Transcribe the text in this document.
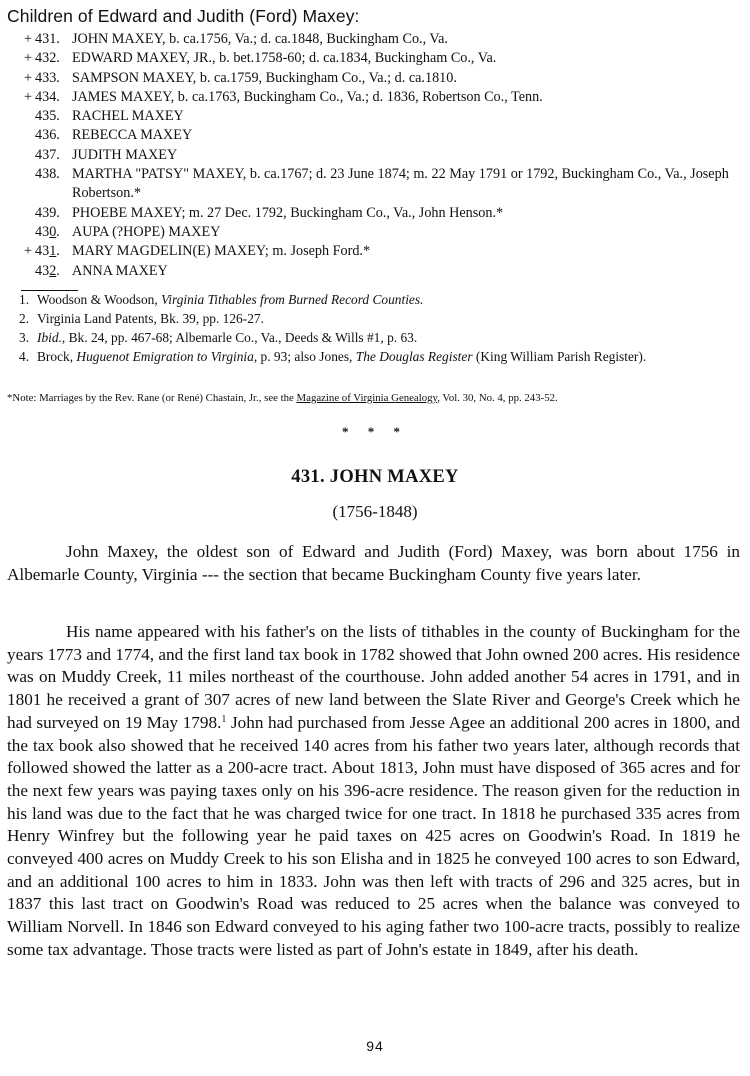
Children of Edward and Judith (Ford) Maxey:
+ 431. JOHN MAXEY, b. ca.1756, Va.; d. ca.1848, Buckingham Co., Va.
+ 432. EDWARD MAXEY, JR., b. bet.1758-60; d. ca.1834, Buckingham Co., Va.
+ 433. SAMPSON MAXEY, b. ca.1759, Buckingham Co., Va.; d. ca.1810.
+ 434. JAMES MAXEY, b. ca.1763, Buckingham Co., Va.; d. 1836, Robertson Co., Tenn.
435. RACHEL MAXEY
436. REBECCA MAXEY
437. JUDITH MAXEY
438. MARTHA "PATSY" MAXEY, b. ca.1767; d. 23 June 1874; m. 22 May 1791 or 1792, Buckingham Co., Va., Joseph Robertson.*
439. PHOEBE MAXEY; m. 27 Dec. 1792, Buckingham Co., Va., John Henson.*
430. AUPA (?HOPE) MAXEY
+ 431. MARY MAGDELIN(E) MAXEY; m. Joseph Ford.*
432. ANNA MAXEY
1. Woodson & Woodson, Virginia Tithables from Burned Record Counties.
2. Virginia Land Patents, Bk. 39, pp. 126-27.
3. Ibid., Bk. 24, pp. 467-68; Albemarle Co., Va., Deeds & Wills #1, p. 63.
4. Brock, Huguenot Emigration to Virginia, p. 93; also Jones, The Douglas Register (King William Parish Register).
*Note: Marriages by the Rev. Rane (or René) Chastain, Jr., see the Magazine of Virginia Genealogy, Vol. 30, No. 4, pp. 243-52.
* * *
431. JOHN MAXEY
(1756-1848)

John Maxey, the oldest son of Edward and Judith (Ford) Maxey, was born about 1756 in Albemarle County, Virginia --- the section that became Buckingham County five years later.

His name appeared with his father's on the lists of tithables in the county of Buckingham for the years 1773 and 1774, and the first land tax book in 1782 showed that John owned 200 acres. His residence was on Muddy Creek, 11 miles northeast of the courthouse. John added another 54 acres in 1791, and in 1801 he received a grant of 307 acres of new land between the Slate River and George's Creek which he had surveyed on 19 May 1798.$^1$ John had purchased from Jesse Agee an additional 200 acres in 1800, and the tax book also showed that he received 140 acres from his father two years later, although records that followed showed the latter as a 200-acre tract. About 1813, John must have disposed of 365 acres and for the next few years was paying taxes only on his 396-acre residence. The reason given for the reduction in his land was due to the fact that he was charged twice for one tract. In 1818 he purchased 335 acres from Henry Winfrey but the following year he paid taxes on 425 acres on Goodwin's Road. In 1819 he conveyed 400 acres on Muddy Creek to his son Elisha and in 1825 he conveyed 100 acres to son Edward, and an additional 100 acres to him in 1833. John was then left with tracts of 296 and 325 acres, but in 1837 this last tract on Goodwin's Road was reduced to 25 acres when the balance was conveyed to William Norvell. In 1846 son Edward conveyed to his aging father two 100-acre tracts, possibly to realize some tax advantage. Those tracts were listed as part of John's estate in 1849, after his death.

94
